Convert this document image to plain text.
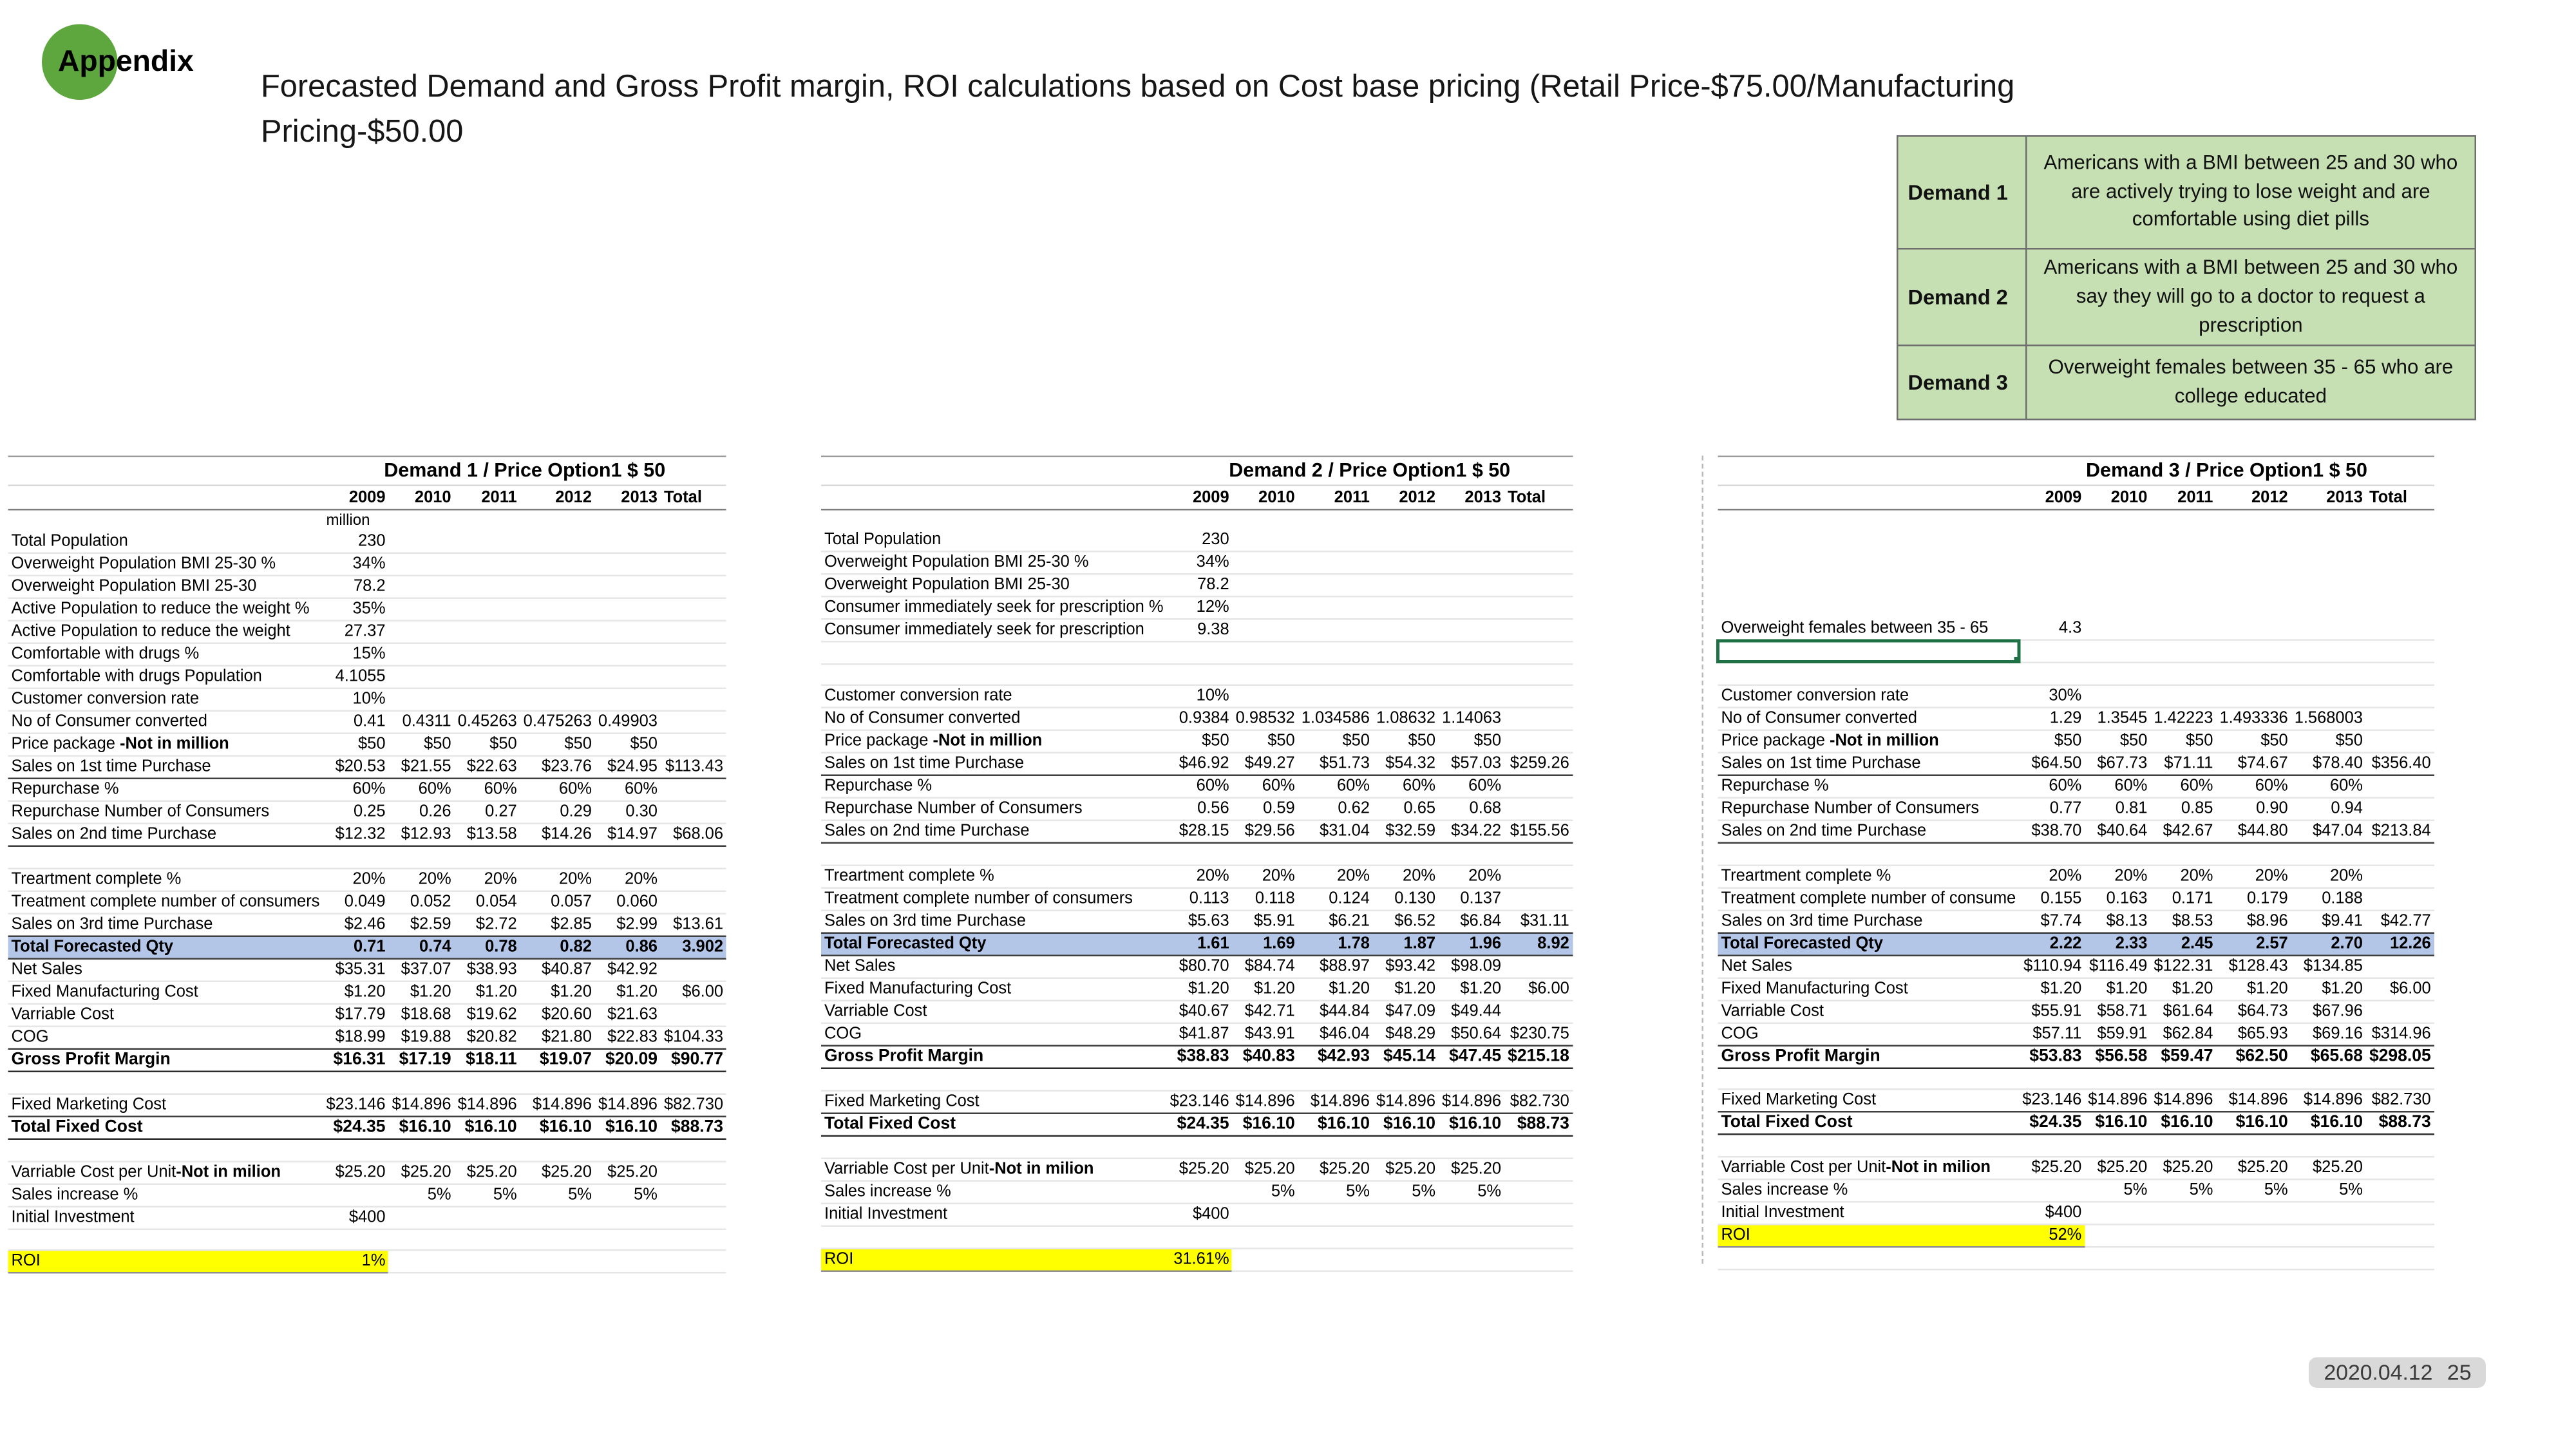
Appendix
Forecasted Demand and Gross Profit margin, ROI calculations based on Cost base pricing (Retail Price-$75.00/Manufacturing
Pricing-$50.00
Demand 1	Americans with a BMI between 25 and 30 who are actively trying to lose weight and are comfortable using diet pills
Demand 2	Americans with a BMI between 25 and 30 who say they will go to a doctor to request a prescription
Demand 3	Overweight females between 35 - 65 who are college educated
	Demand 1 / Price Option1 $ 50					
	2009	2010	2011	2012	2013	Total
	million					
Total Population	230					
Overweight Population BMI 25-30 %	34%					
Overweight Population BMI 25-30	78.2					
Active Population to reduce the weight %	35%					
Active Population to reduce the weight	27.37					
Comfortable with drugs %	15%					
Comfortable with drugs Population	4.1055					
Customer conversion rate	10%					
No of Consumer converted	0.41	0.4311	0.45263	0.475263	0.49903	
Price package -Not in million	$50	$50	$50	$50	$50	
Sales on 1st time Purchase	$20.53	$21.55	$22.63	$23.76	$24.95	$113.43
Repurchase %	60%	60%	60%	60%	60%	
Repurchase Number of Consumers	0.25	0.26	0.27	0.29	0.30	
Sales on 2nd time Purchase	$12.32	$12.93	$13.58	$14.26	$14.97	$68.06

Treartment complete %	20%	20%	20%	20%	20%	
Treatment complete number of consumers	0.049	0.052	0.054	0.057	0.060	
Sales on 3rd time Purchase	$2.46	$2.59	$2.72	$2.85	$2.99	$13.61
Total Forecasted Qty	0.71	0.74	0.78	0.82	0.86	3.902
Net Sales	$35.31	$37.07	$38.93	$40.87	$42.92	
Fixed Manufacturing Cost	$1.20	$1.20	$1.20	$1.20	$1.20	$6.00
Varriable Cost	$17.79	$18.68	$19.62	$20.60	$21.63	
COG	$18.99	$19.88	$20.82	$21.80	$22.83	$104.33
Gross Profit Margin	$16.31	$17.19	$18.11	$19.07	$20.09	$90.77

Fixed Marketing Cost	$23.146	$14.896	$14.896	$14.896	$14.896	$82.730
Total Fixed Cost	$24.35	$16.10	$16.10	$16.10	$16.10	$88.73

Varriable Cost per Unit-Not in milion	$25.20	$25.20	$25.20	$25.20	$25.20	
Sales increase %		5%	5%	5%	5%	
Initial Investment	$400					

ROI	1%					
	Demand 2 / Price Option1 $ 50					
	2009	2010	2011	2012	2013	Total

Total Population	230					
Overweight Population BMI 25-30 %	34%					
Overweight Population BMI 25-30	78.2					
Consumer immediately seek for prescription %	12%					
Consumer immediately seek for prescription	9.38					

Customer conversion rate	10%					
No of Consumer converted	0.9384	0.98532	1.034586	1.08632	1.14063	
Price package -Not in million	$50	$50	$50	$50	$50	
Sales on 1st time Purchase	$46.92	$49.27	$51.73	$54.32	$57.03	$259.26
Repurchase %	60%	60%	60%	60%	60%	
Repurchase Number of Consumers	0.56	0.59	0.62	0.65	0.68	
Sales on 2nd time Purchase	$28.15	$29.56	$31.04	$32.59	$34.22	$155.56

Treartment complete %	20%	20%	20%	20%	20%	
Treatment complete number of consumers	0.113	0.118	0.124	0.130	0.137	
Sales on 3rd time Purchase	$5.63	$5.91	$6.21	$6.52	$6.84	$31.11
Total Forecasted Qty	1.61	1.69	1.78	1.87	1.96	8.92
Net Sales	$80.70	$84.74	$88.97	$93.42	$98.09	
Fixed Manufacturing Cost	$1.20	$1.20	$1.20	$1.20	$1.20	$6.00
Varriable Cost	$40.67	$42.71	$44.84	$47.09	$49.44	
COG	$41.87	$43.91	$46.04	$48.29	$50.64	$230.75
Gross Profit Margin	$38.83	$40.83	$42.93	$45.14	$47.45	$215.18

Fixed Marketing Cost	$23.146	$14.896	$14.896	$14.896	$14.896	$82.730
Total Fixed Cost	$24.35	$16.10	$16.10	$16.10	$16.10	$88.73

Varriable Cost per Unit-Not in milion	$25.20	$25.20	$25.20	$25.20	$25.20	
Sales increase %		5%	5%	5%	5%	
Initial Investment	$400					

ROI	31.61%					
	Demand 3 / Price Option1 $ 50					
	2009	2010	2011	2012	2013	Total

Overweight females between 35 - 65	4.3					

Customer conversion rate	30%					
No of Consumer converted	1.29	1.3545	1.42223	1.493336	1.568003	
Price package -Not in million	$50	$50	$50	$50	$50	
Sales on 1st time Purchase	$64.50	$67.73	$71.11	$74.67	$78.40	$356.40
Repurchase %	60%	60%	60%	60%	60%	
Repurchase Number of Consumers	0.77	0.81	0.85	0.90	0.94	
Sales on 2nd time Purchase	$38.70	$40.64	$42.67	$44.80	$47.04	$213.84

Treartment complete %	20%	20%	20%	20%	20%	
Treatment complete number of consume	0.155	0.163	0.171	0.179	0.188	
Sales on 3rd time Purchase	$7.74	$8.13	$8.53	$8.96	$9.41	$42.77
Total Forecasted Qty	2.22	2.33	2.45	2.57	2.70	12.26
Net Sales	$110.94	$116.49	$122.31	$128.43	$134.85	
Fixed Manufacturing Cost	$1.20	$1.20	$1.20	$1.20	$1.20	$6.00
Varriable Cost	$55.91	$58.71	$61.64	$64.73	$67.96	
COG	$57.11	$59.91	$62.84	$65.93	$69.16	$314.96
Gross Profit Margin	$53.83	$56.58	$59.47	$62.50	$65.68	$298.05

Fixed Marketing Cost	$23.146	$14.896	$14.896	$14.896	$14.896	$82.730
Total Fixed Cost	$24.35	$16.10	$16.10	$16.10	$16.10	$88.73

Varriable Cost per Unit-Not in milion	$25.20	$25.20	$25.20	$25.20	$25.20	
Sales increase %		5%	5%	5%	5%	
Initial Investment	$400					
ROI	52%					

2020.04.12 25
